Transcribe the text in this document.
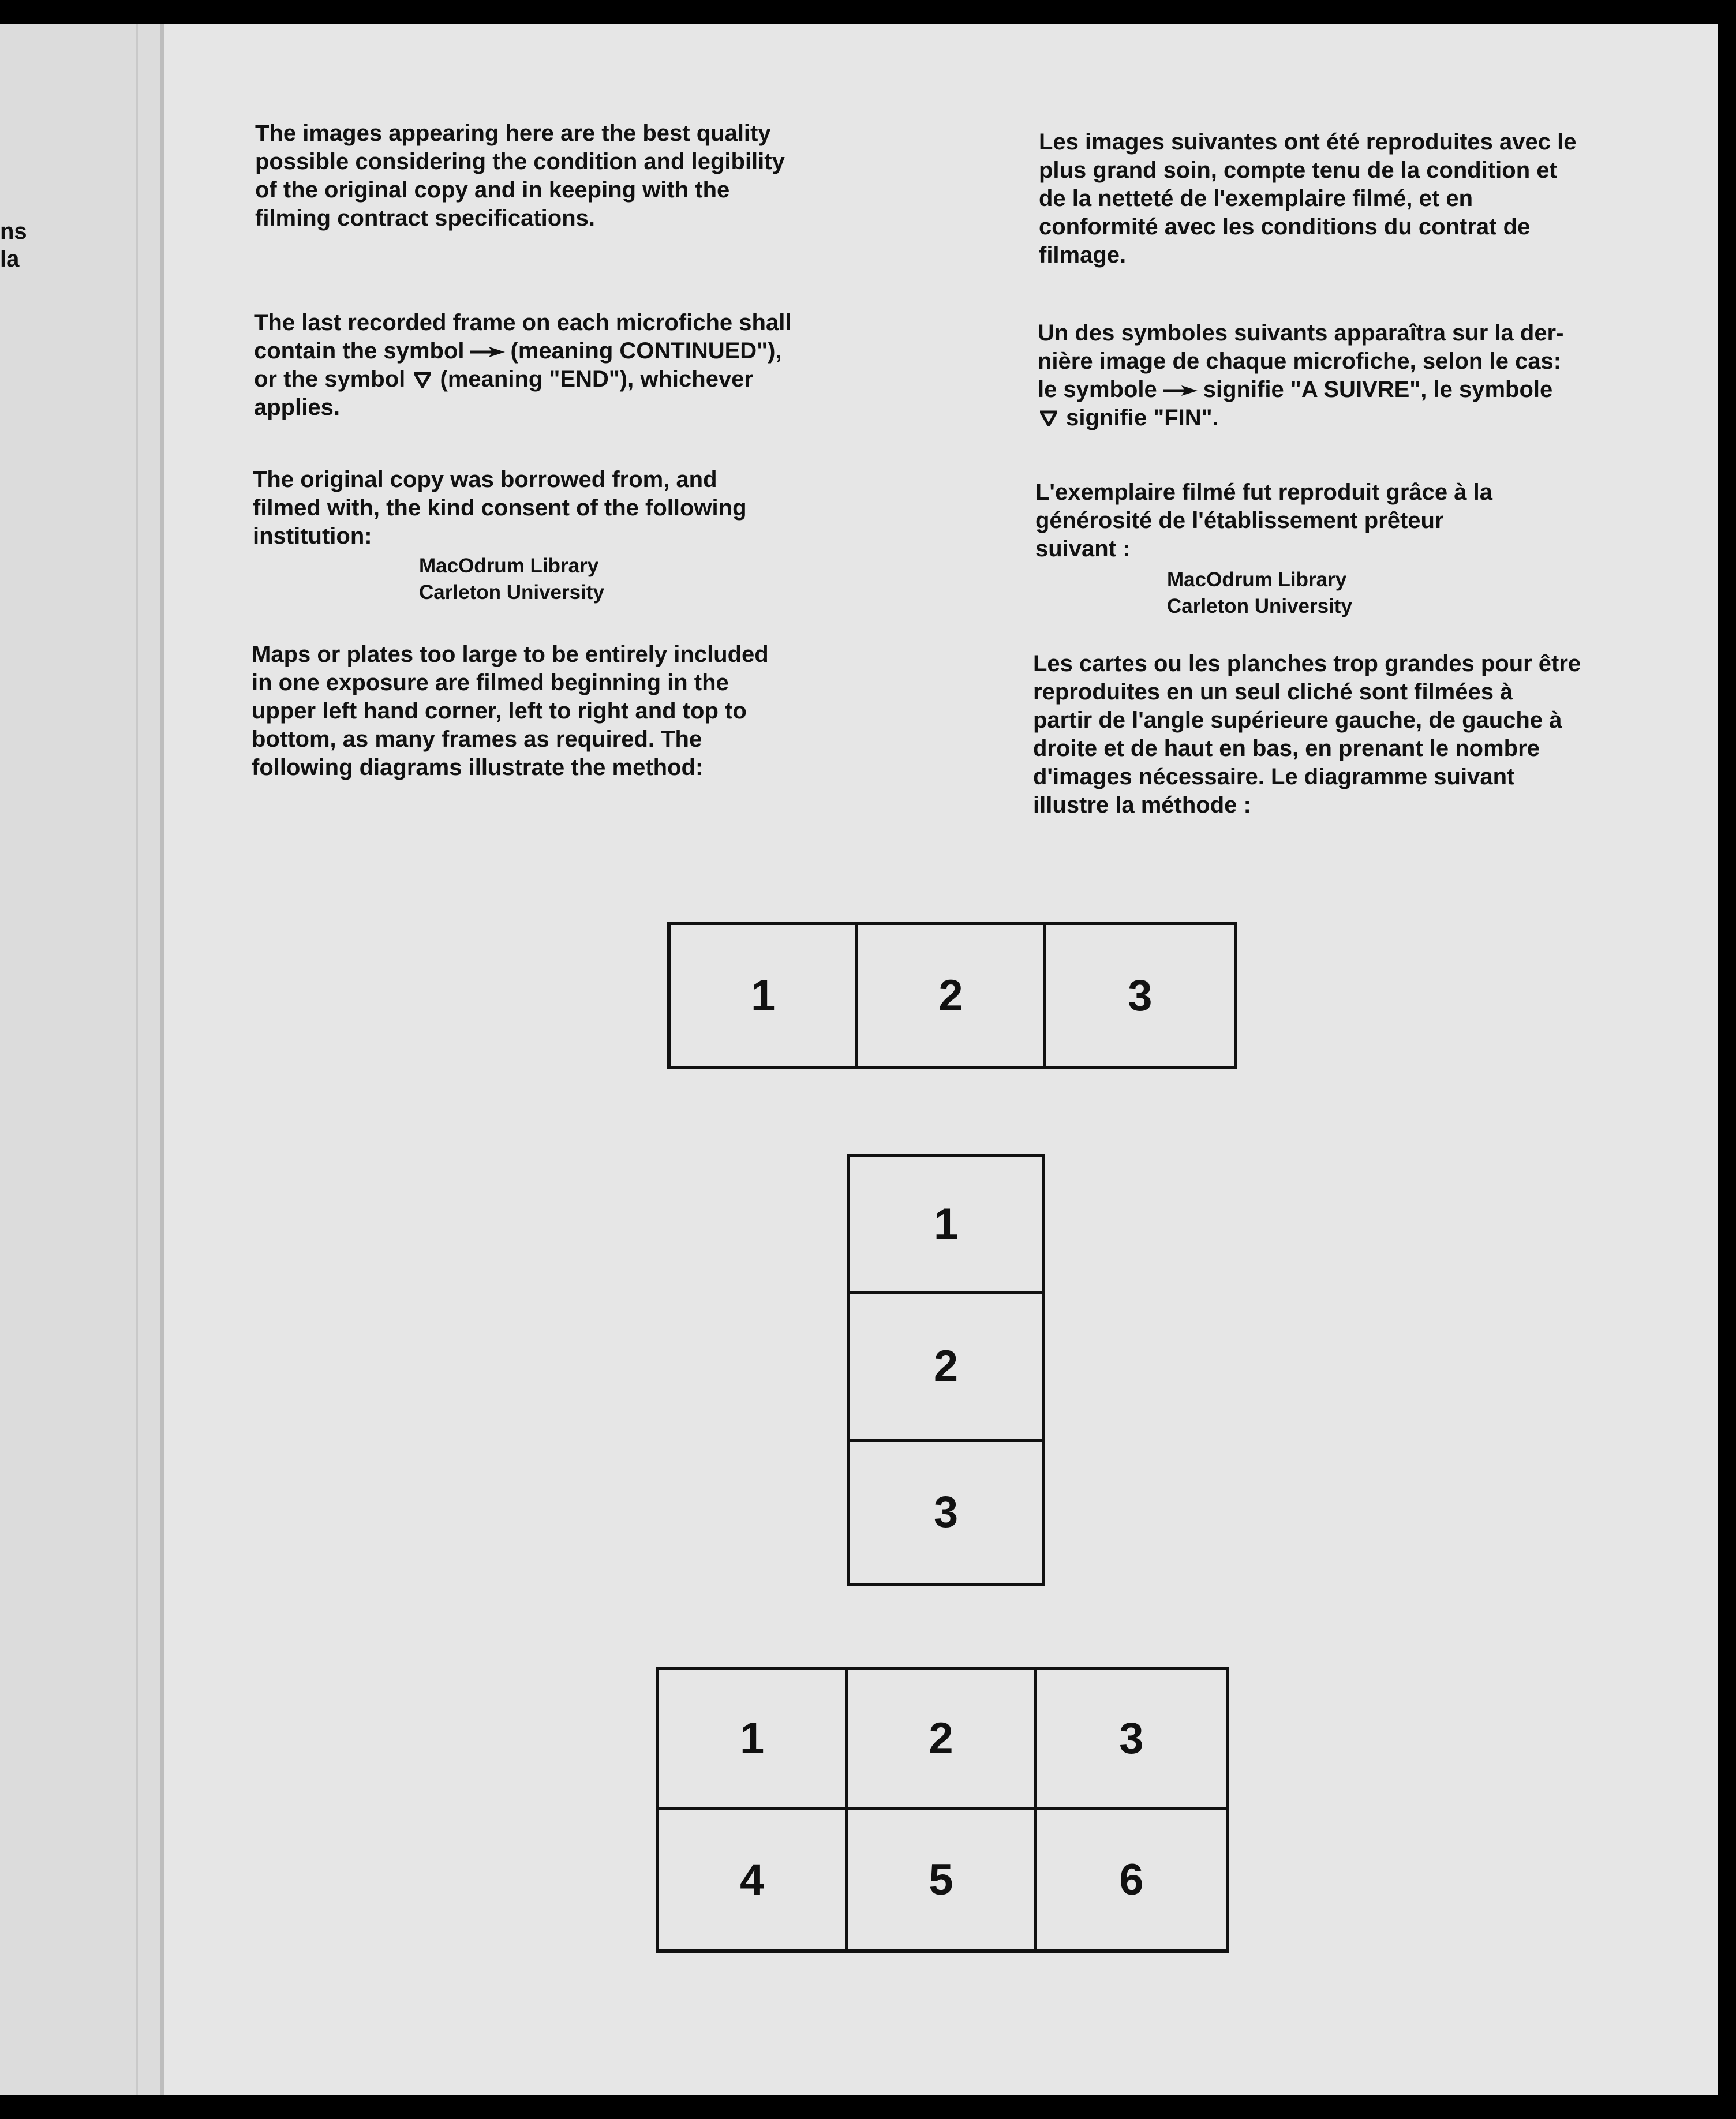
ns
la
The images appearing here are the best quality
possible considering the condition and legibility
of the original copy and in keeping with the
filming contract specifications.
The last recorded frame on each microfiche shall
contain the symbol (meaning CONTINUED"),
or the symbol (meaning "END"), whichever
applies.
The original copy was borrowed from, and
filmed with, the kind consent of the following
institution:
MacOdrum Library
Carleton University
Maps or plates too large to be entirely included
in one exposure are filmed beginning in the
upper left hand corner, left to right and top to
bottom, as many frames as required. The
following diagrams illustrate the method:
Les images suivantes ont été reproduites avec le
plus grand soin, compte tenu de la condition et
de la netteté de l'exemplaire filmé, et en
conformité avec les conditions du contrat de
filmage.
Un des symboles suivants apparaîtra sur la der-
nière image de chaque microfiche, selon le cas:
le symbole signifie "A SUIVRE", le symbole
signifie "FIN".
L'exemplaire filmé fut reproduit grâce à la
générosité de l'établissement prêteur
suivant :
MacOdrum Library
Carleton University
Les cartes ou les planches trop grandes pour être
reproduites en un seul cliché sont filmées à
partir de l'angle supérieure gauche, de gauche à
droite et de haut en bas, en prenant le nombre
d'images nécessaire. Le diagramme suivant
illustre la méthode :
1	2	3
1
2
3
1	2	3
4	5	6
